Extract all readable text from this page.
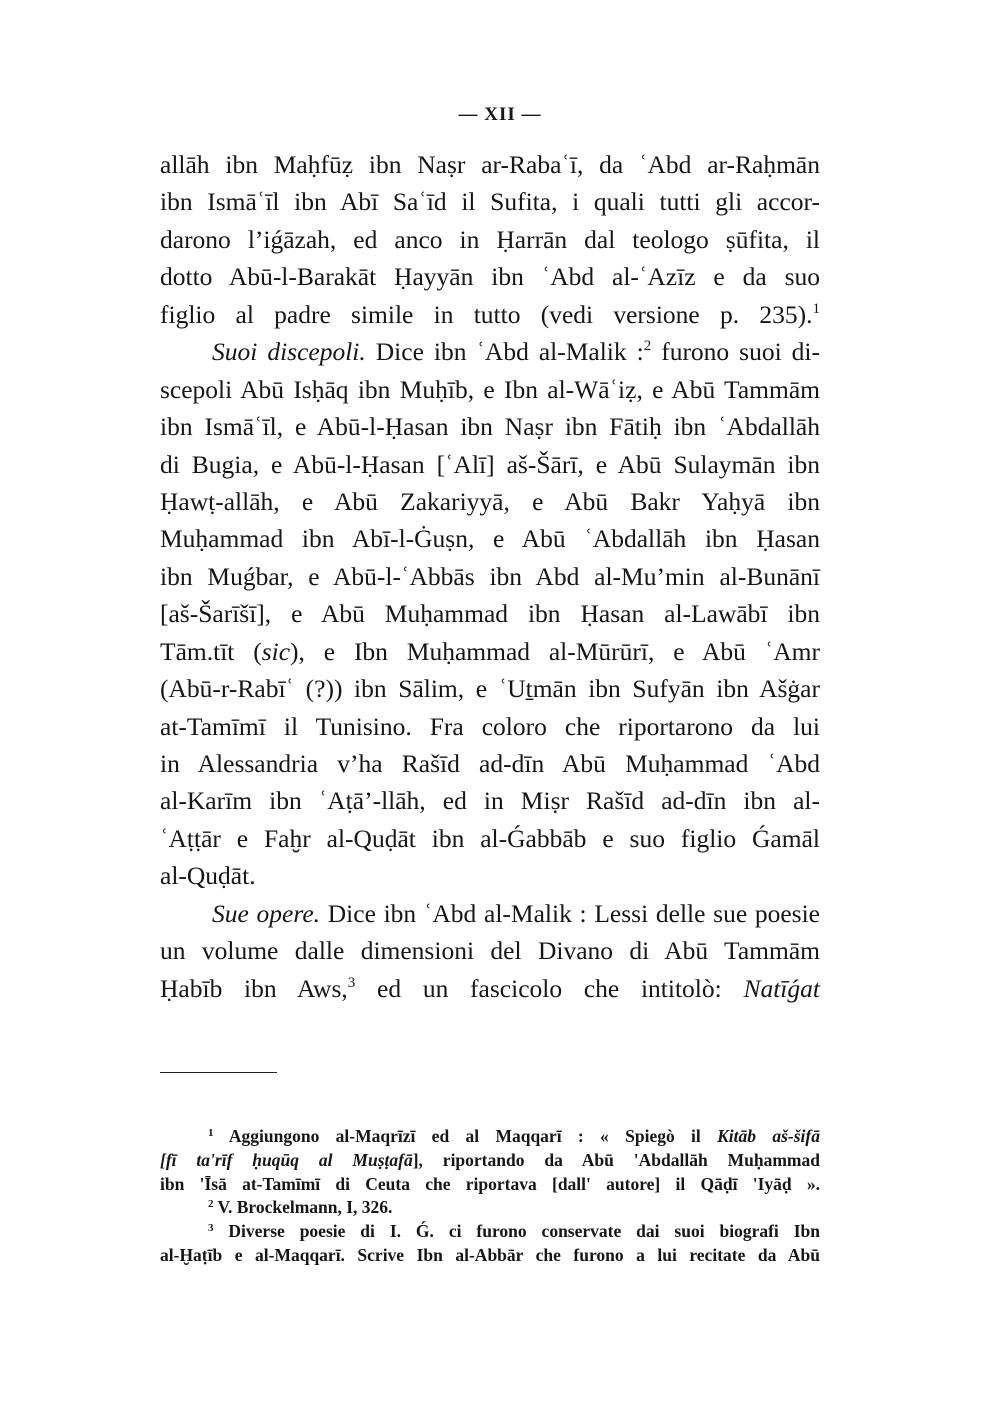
— XII —
allāh ibn Maḥfūẓ ibn Naṣr ar-Rabaʿī, da ʿAbd ar-Raḥmān
ibn Ismāʿīl ibn Abī Saʿīd il Sufita, i quali tutti gli accor-
darono l’iǵāzah, ed anco in Ḥarrān dal teologo ṣūfita, il
dotto Abū-l-Barakāt Ḥayyān ibn ʿAbd al-ʿAzīz e da suo
figlio al padre simile in tutto (vedi versione p. 235).$^1$
Suoi discepoli. Dice ibn ʿAbd al-Malik :$^2$ furono suoi di-
scepoli Abū Isḥāq ibn Muḥīb, e Ibn al-Wāʿiẓ, e Abū Tammām
ibn Ismāʿīl, e Abū-l-Ḥasan ibn Naṣr ibn Fātiḥ ibn ʿAbdallāh
di Bugia, e Abū-l-Ḥasan [ʿAlī] aš-Šārī, e Abū Sulaymān ibn
Ḥawṭ-allāh, e Abū Zakariyyā, e Abū Bakr Yaḥyā ibn
Muḥammad ibn Abī-l-Ġuṣn, e Abū ʿAbdallāh ibn Ḥasan
ibn Muǵbar, e Abū-l-ʿAbbās ibn Abd al-Mu’min al-Bunānī
[aš-Šarīšī], e Abū Muḥammad ibn Ḥasan al-Lawābī ibn
Tām.tīt (sic), e Ibn Muḥammad al-Mūrūrī, e Abū ʿAmr
(Abū-r-Rabīʿ (?)) ibn Sālim, e ʿUṯmān ibn Sufyān ibn Ašġar
at-Tamīmī il Tunisino. Fra coloro che riportarono da lui
in Alessandria v’ha Rašīd ad-dīn Abū Muḥammad ʿAbd
al-Karīm ibn ʿAṭā’-llāh, ed in Miṣr Rašīd ad-dīn ibn al-
ʿAṭṭār e Faḫr al-Quḍāt ibn al-Ǵabbāb e suo figlio Ǵamāl
al-Quḍāt.
Sue opere. Dice ibn ʿAbd al-Malik : Lessi delle sue poesie
un volume dalle dimensioni del Divano di Abū Tammām
Ḥabīb ibn Aws,$^3$ ed un fascicolo che intitolò: Natīǵat
$^1$ Aggiungono al-Maqrīzī ed al Maqqarī : « Spiegò il Kitāb aš-šifā
[fī ta'rīf ḥuqūq al Muṣṭafā], riportando da Abū 'Abdallāh Muḥammad
ibn 'Īsā at-Tamīmī di Ceuta che riportava [dall' autore] il Qāḍī 'Iyāḍ ».
$^2$ V. Brockelmann, I, 326.
$^3$ Diverse poesie di I. Ǵ. ci furono conservate dai suoi biografi Ibn
al-Ḫaṭīb e al-Maqqarī. Scrive Ibn al-Abbār che furono a lui recitate da Abū
